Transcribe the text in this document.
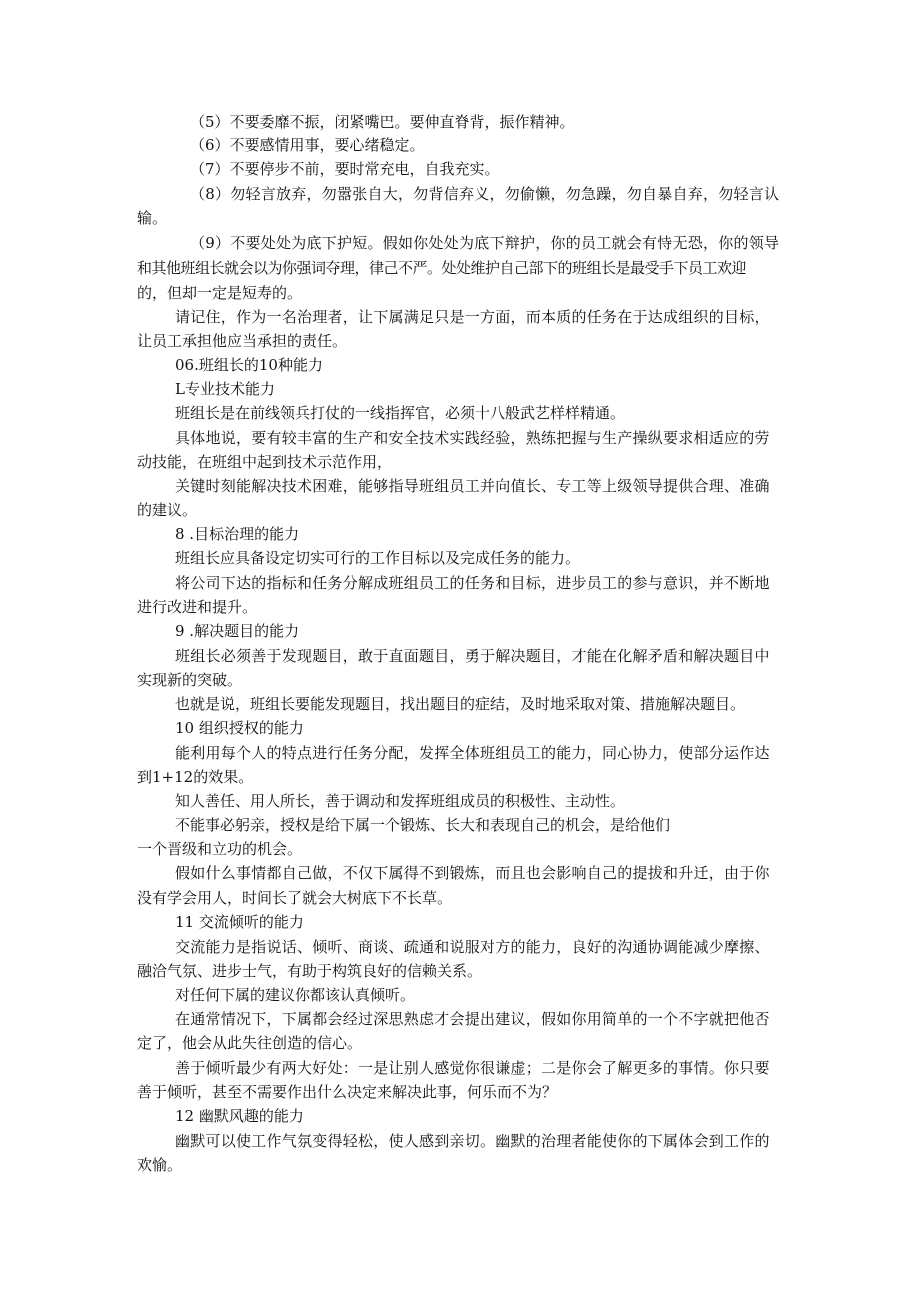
（5）不要委靡不振，闭紧嘴巴。要伸直脊背，振作精神。
（6）不要感情用事，要心绪稳定。
（7）不要停步不前，要时常充电，自我充实。
（8）勿轻言放弃，勿嚣张自大，勿背信弃义，勿偷懒，勿急躁，勿自暴自弃，勿轻言认
输。
（9）不要处处为底下护短。假如你处处为底下辩护，你的员工就会有恃无恐，你的领导
和其他班组长就会以为你强词夺理，律己不严。处处维护自己部下的班组长是最受手下员工欢迎
的，但却一定是短寿的。
请记住，作为一名治理者，让下属满足只是一方面，而本质的任务在于达成组织的目标，
让员工承担他应当承担的责任。
06.班组长的10种能力
L专业技术能力
班组长是在前线领兵打仗的一线指挥官，必须十八般武艺样样精通。
具体地说，要有较丰富的生产和安全技术实践经验，熟练把握与生产操纵要求相适应的劳
动技能，在班组中起到技术示范作用，
关键时刻能解决技术困难，能够指导班组员工并向值长、专工等上级领导提供合理、准确
的建议。
8 .目标治理的能力
班组长应具备设定切实可行的工作目标以及完成任务的能力。
将公司下达的指标和任务分解成班组员工的任务和目标，进步员工的参与意识，并不断地
进行改进和提升。
9 .解决题目的能力
班组长必须善于发现题目，敢于直面题目，勇于解决题目，才能在化解矛盾和解决题目中
实现新的突破。
也就是说，班组长要能发现题目，找出题目的症结，及时地采取对策、措施解决题目。
10 组织授权的能力
能利用每个人的特点进行任务分配，发挥全体班组员工的能力，同心协力，使部分运作达
到1+12的效果。
知人善任、用人所长，善于调动和发挥班组成员的积极性、主动性。
不能事必躬亲，授权是给下属一个锻炼、长大和表现自己的机会，是给他们
一个晋级和立功的机会。
假如什么事情都自己做，不仅下属得不到锻炼，而且也会影响自己的提拔和升迁，由于你
没有学会用人，时间长了就会大树底下不长草。
11 交流倾听的能力
交流能力是指说话、倾听、商谈、疏通和说服对方的能力，良好的沟通协调能减少摩擦、
融洽气氛、进步士气，有助于构筑良好的信赖关系。
对任何下属的建议你都该认真倾听。
在通常情况下，下属都会经过深思熟虑才会提出建议，假如你用简单的一个不字就把他否
定了，他会从此失往创造的信心。
善于倾听最少有两大好处：一是让别人感觉你很谦虚；二是你会了解更多的事情。你只要
善于倾听，甚至不需要作出什么决定来解决此事，何乐而不为？
12 幽默风趣的能力
幽默可以使工作气氛变得轻松，使人感到亲切。幽默的治理者能使你的下属体会到工作的
欢愉。
